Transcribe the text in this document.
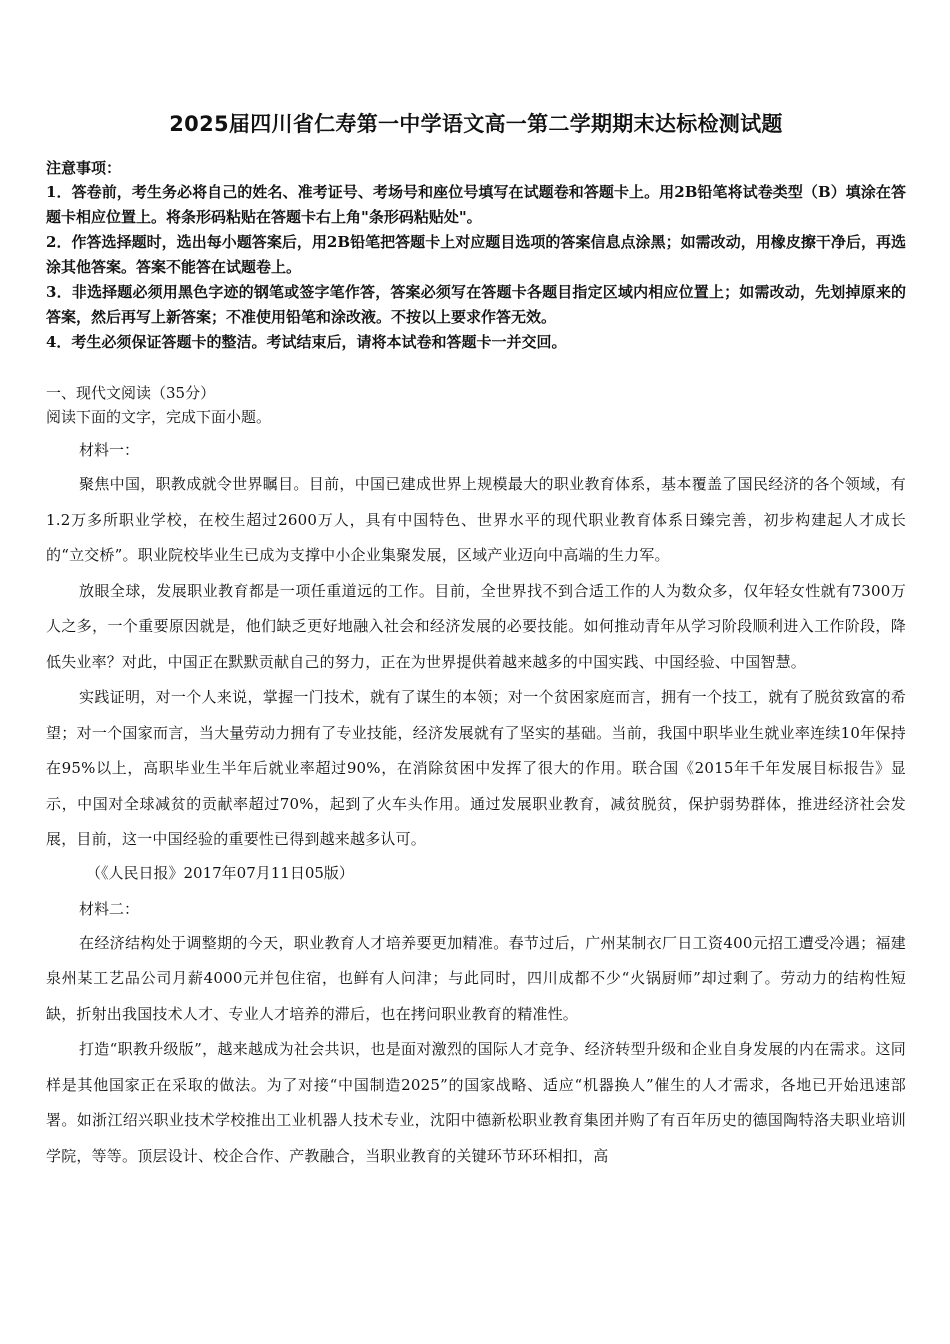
2025届四川省仁寿第一中学语文高一第二学期期末达标检测试题
注意事项：
1．答卷前，考生务必将自己的姓名、准考证号、考场号和座位号填写在试题卷和答题卡上。用2B铅笔将试卷类型（B）填涂在答题卡相应位置上。将条形码粘贴在答题卡右上角"条形码粘贴处"。
2．作答选择题时，选出每小题答案后，用2B铅笔把答题卡上对应题目选项的答案信息点涂黑；如需改动，用橡皮擦干净后，再选涂其他答案。答案不能答在试题卷上。
3．非选择题必须用黑色字迹的钢笔或签字笔作答，答案必须写在答题卡各题目指定区域内相应位置上；如需改动，先划掉原来的答案，然后再写上新答案；不准使用铅笔和涂改液。不按以上要求作答无效。
4．考生必须保证答题卡的整洁。考试结束后，请将本试卷和答题卡一并交回。
一、现代文阅读（35分）
阅读下面的文字，完成下面小题。
材料一：

聚焦中国，职教成就令世界瞩目。目前，中国已建成世界上规模最大的职业教育体系，基本覆盖了国民经济的各个领域，有1.2万多所职业学校，在校生超过2600万人，具有中国特色、世界水平的现代职业教育体系日臻完善，初步构建起人才成长的“立交桥”。职业院校毕业生已成为支撑中小企业集聚发展，区域产业迈向中高端的生力军。

放眼全球，发展职业教育都是一项任重道远的工作。目前，全世界找不到合适工作的人为数众多，仅年轻女性就有7300万人之多，一个重要原因就是，他们缺乏更好地融入社会和经济发展的必要技能。如何推动青年从学习阶段顺利进入工作阶段，降低失业率？对此，中国正在默默贡献自己的努力，正在为世界提供着越来越多的中国实践、中国经验、中国智慧。

实践证明，对一个人来说，掌握一门技术，就有了谋生的本领；对一个贫困家庭而言，拥有一个技工，就有了脱贫致富的希望；对一个国家而言，当大量劳动力拥有了专业技能，经济发展就有了坚实的基础。当前，我国中职毕业生就业率连续10年保持在95%以上，高职毕业生半年后就业率超过90%，在消除贫困中发挥了很大的作用。联合国《2015年千年发展目标报告》显示，中国对全球减贫的贡献率超过70%，起到了火车头作用。通过发展职业教育，减贫脱贫，保护弱势群体，推进经济社会发展，目前，这一中国经验的重要性已得到越来越多认可。

（《人民日报》2017年07月11日05版）
材料二：

在经济结构处于调整期的今天，职业教育人才培养要更加精准。春节过后，广州某制衣厂日工资400元招工遭受冷遇；福建泉州某工艺品公司月薪4000元并包住宿，也鲜有人问津；与此同时，四川成都不少“火锅厨师”却过剩了。劳动力的结构性短缺，折射出我国技术人才、专业人才培养的滞后，也在拷问职业教育的精准性。

打造“职教升级版”，越来越成为社会共识，也是面对激烈的国际人才竞争、经济转型升级和企业自身发展的内在需求。这同样是其他国家正在采取的做法。为了对接“中国制造2025”的国家战略、适应“机器换人”催生的人才需求，各地已开始迅速部署。如浙江绍兴职业技术学校推出工业机器人技术专业，沈阳中德新松职业教育集团并购了有百年历史的德国陶特洛夫职业培训学院，等等。顶层设计、校企合作、产教融合，当职业教育的关键环节环环相扣，高
